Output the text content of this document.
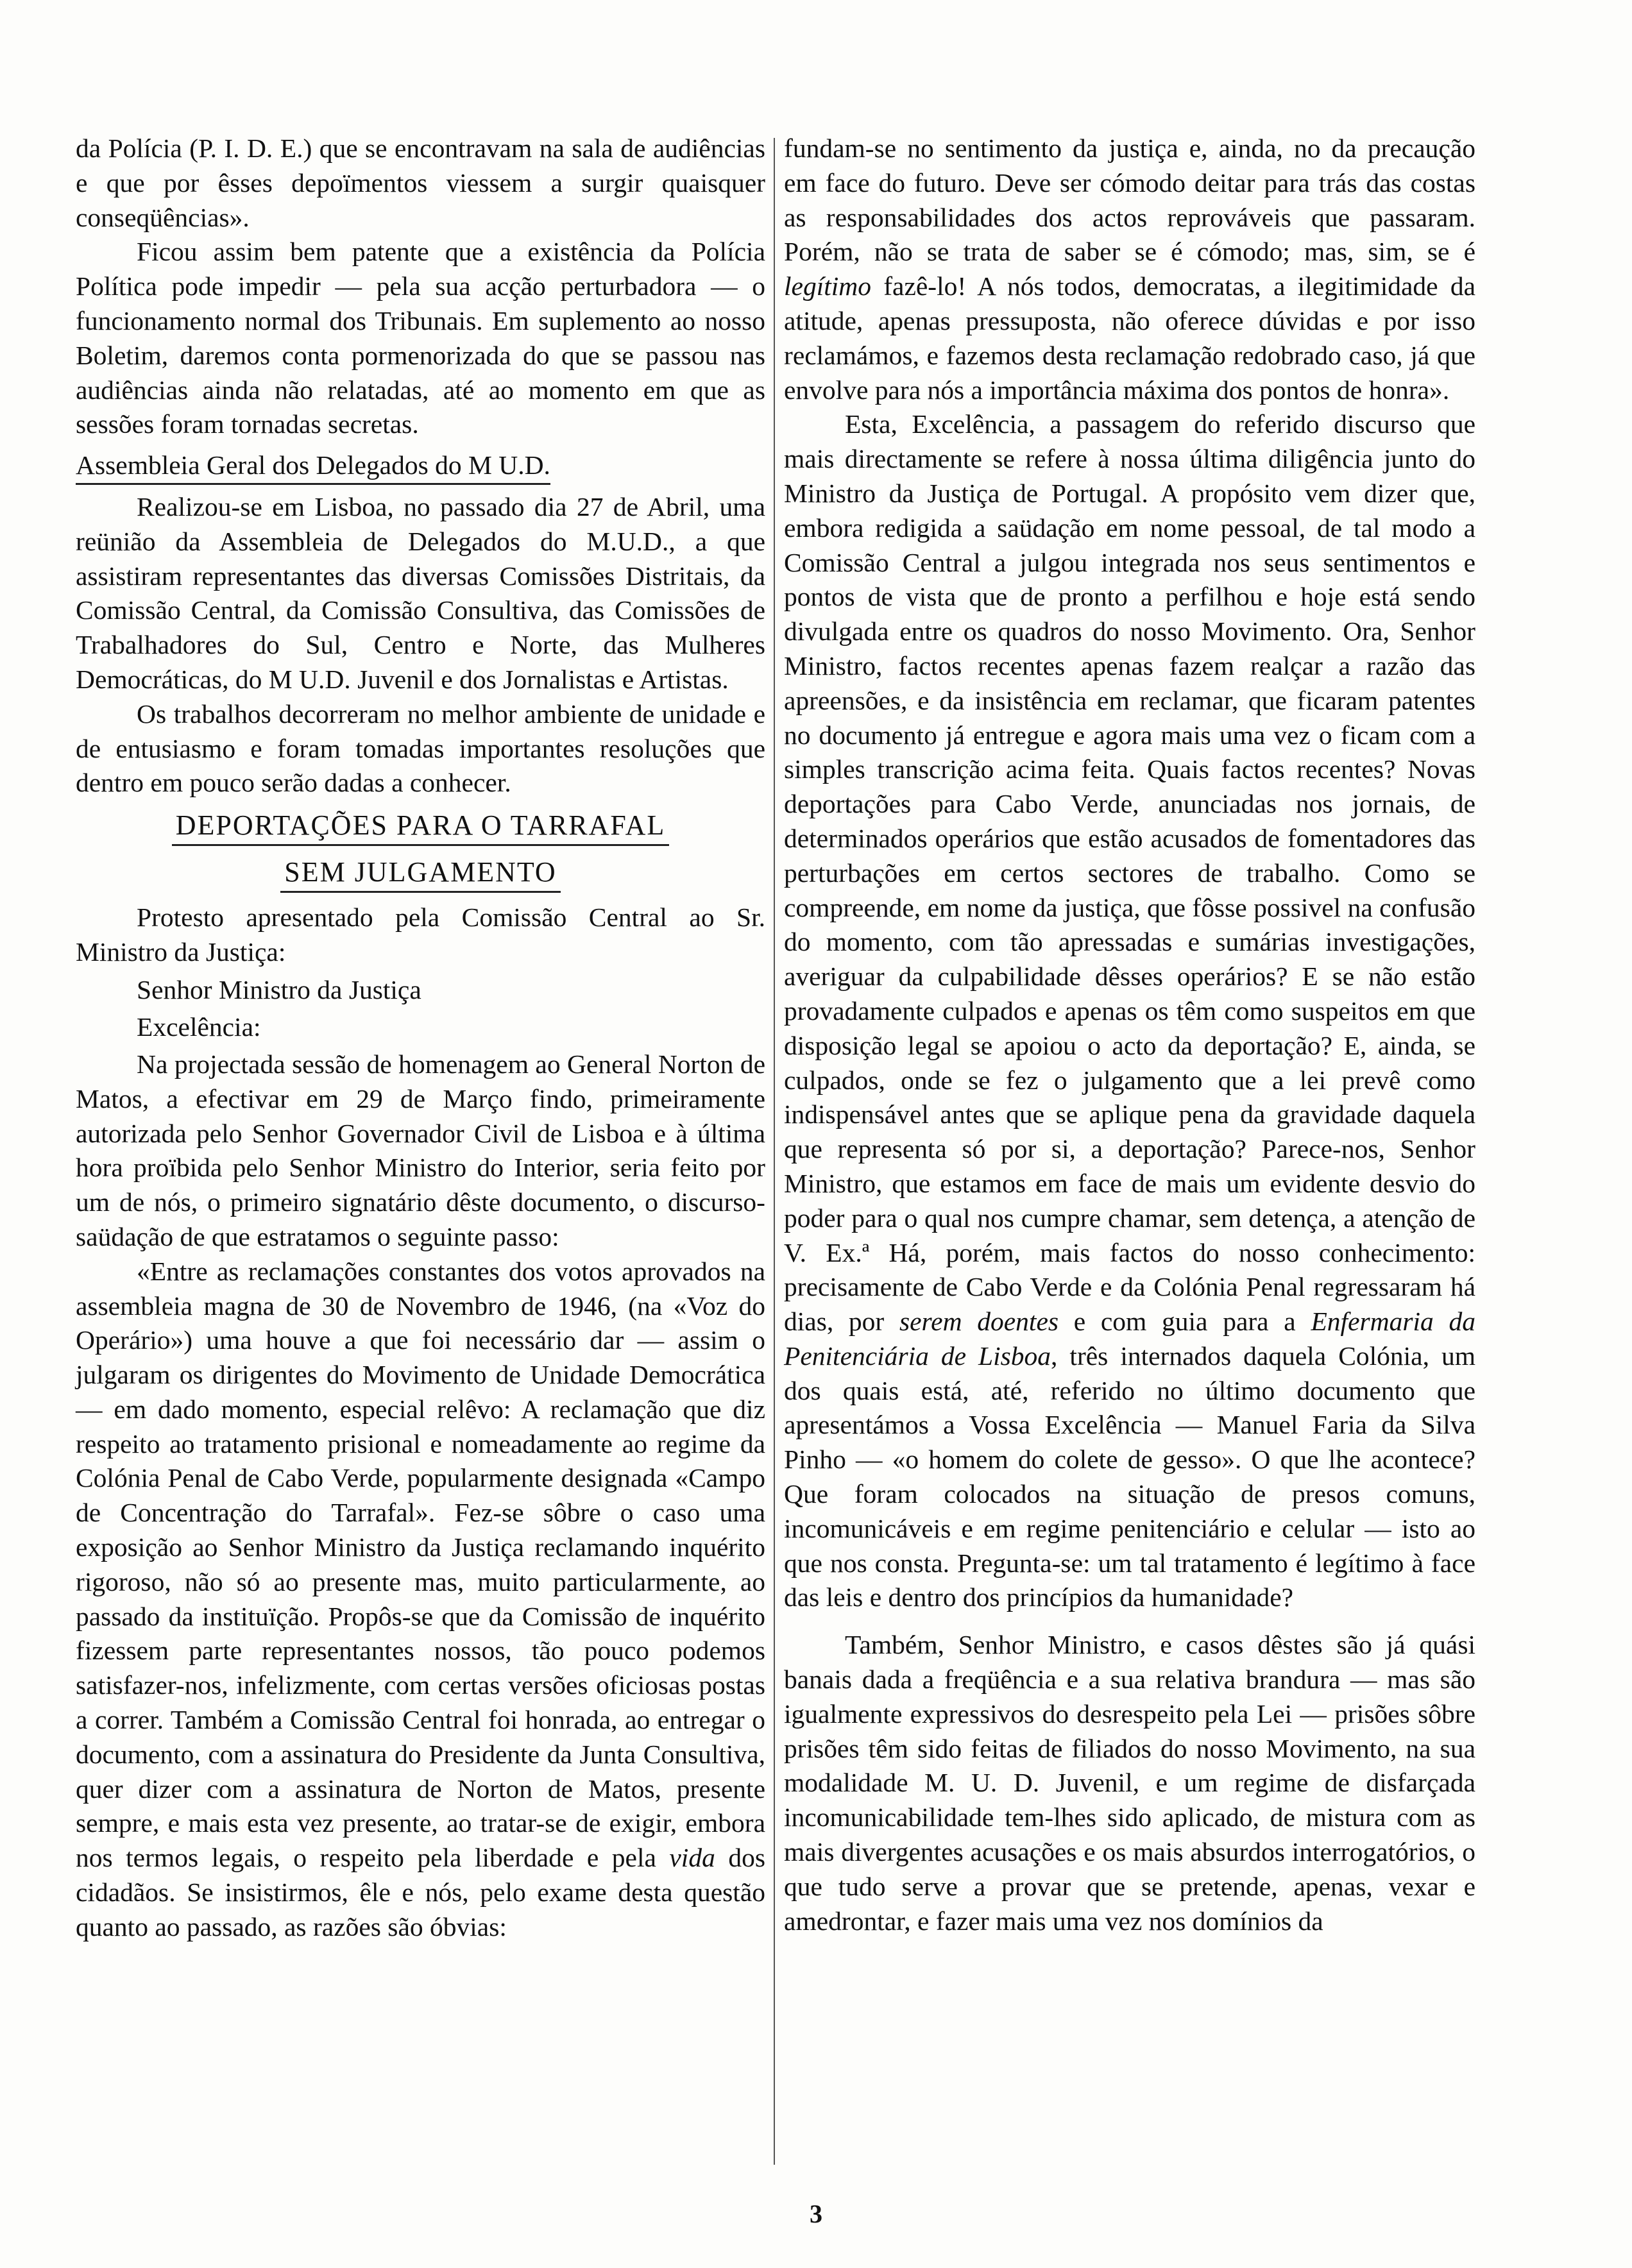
da Polícia (P. I. D. E.) que se encontravam na sala de audiências e que por êsses depoïmentos viessem a surgir quaisquer conseqüências».

Ficou assim bem patente que a existência da Polícia Política pode impedir — pela sua acção perturbadora — o funcionamento normal dos Tribunais. Em suplemento ao nosso Boletim, daremos conta pormenorizada do que se passou nas audiências ainda não relatadas, até ao momento em que as sessões foram tornadas secretas.

Assembleia Geral dos Delegados do M U.D.

Realizou-se em Lisboa, no passado dia 27 de Abril, uma reünião da Assembleia de Delegados do M.U.D., a que assistiram representantes das diversas Comissões Distritais, da Comissão Central, da Comissão Consultiva, das Comissões de Trabalhadores do Sul, Centro e Norte, das Mulheres Democráticas, do M U.D. Juvenil e dos Jornalistas e Artistas.

Os trabalhos decorreram no melhor ambiente de unidade e de entusiasmo e foram tomadas importantes resoluções que dentro em pouco serão dadas a conhecer.

DEPORTAÇÕES PARA O TARRAFAL
SEM JULGAMENTO

Protesto apresentado pela Comissão Central ao Sr. Ministro da Justiça:

Senhor Ministro da Justiça

Excelência:

Na projectada sessão de homenagem ao General Norton de Matos, a efectivar em 29 de Março findo, primeiramente autorizada pelo Senhor Governador Civil de Lisboa e à última hora proïbida pelo Senhor Ministro do Interior, seria feito por um de nós, o primeiro signatário dêste documento, o discurso-saüdação de que estratamos o seguinte passo:

«Entre as reclamações constantes dos votos aprovados na assembleia magna de 30 de Novembro de 1946, (na «Voz do Operário») uma houve a que foi necessário dar — assim o julgaram os dirigentes do Movimento de Unidade Democrática — em dado momento, especial relêvo: A reclamação que diz respeito ao tratamento prisional e nomeadamente ao regime da Colónia Penal de Cabo Verde, popularmente designada «Campo de Concentração do Tarrafal». Fez-se sôbre o caso uma exposição ao Senhor Ministro da Justiça reclamando inquérito rigoroso, não só ao presente mas, muito particularmente, ao passado da instituïção. Propôs-se que da Comissão de inquérito fizessem parte representantes nossos, tão pouco podemos satisfazer-nos, infelizmente, com certas versões oficiosas postas a correr. Também a Comissão Central foi honrada, ao entregar o documento, com a assinatura do Presidente da Junta Consultiva, quer dizer com a assinatura de Norton de Matos, presente sempre, e mais esta vez presente, ao tratar-se de exigir, embora nos termos legais, o respeito pela liberdade e pela vida dos cidadãos. Se insistirmos, êle e nós, pelo exame desta questão quanto ao passado, as razões são óbvias:

fundam-se no sentimento da justiça e, ainda, no da precaução em face do futuro. Deve ser cómodo deitar para trás das costas as responsabilidades dos actos reprováveis que passaram. Porém, não se trata de saber se é cómodo; mas, sim, se é legítimo fazê-lo! A nós todos, democratas, a ilegitimidade da atitude, apenas pressuposta, não oferece dúvidas e por isso reclamámos, e fazemos desta reclamação redobrado caso, já que envolve para nós a importância máxima dos pontos de honra».

Esta, Excelência, a passagem do referido discurso que mais directamente se refere à nossa última diligência junto do Ministro da Justiça de Portugal. A propósito vem dizer que, embora redigida a saüdação em nome pessoal, de tal modo a Comissão Central a julgou integrada nos seus sentimentos e pontos de vista que de pronto a perfilhou e hoje está sendo divulgada entre os quadros do nosso Movimento. Ora, Senhor Ministro, factos recentes apenas fazem realçar a razão das apreensões, e da insistência em reclamar, que ficaram patentes no documento já entregue e agora mais uma vez o ficam com a simples transcrição acima feita. Quais factos recentes? Novas deportações para Cabo Verde, anunciadas nos jornais, de determinados operários que estão acusados de fomentadores das perturbações em certos sectores de trabalho. Como se compreende, em nome da justiça, que fôsse possivel na confusão do momento, com tão apressadas e sumárias investigações, averiguar da culpabilidade dêsses operários? E se não estão provadamente culpados e apenas os têm como suspeitos em que disposição legal se apoiou o acto da deportação? E, ainda, se culpados, onde se fez o julgamento que a lei prevê como indispensável antes que se aplique pena da gravidade daquela que representa só por si, a deportação? Parece-nos, Senhor Ministro, que estamos em face de mais um evidente desvio do poder para o qual nos cumpre chamar, sem detença, a atenção de V. Ex.ª Há, porém, mais factos do nosso conhecimento: precisamente de Cabo Verde e da Colónia Penal regressaram há dias, por serem doentes e com guia para a Enfermaria da Penitenciária de Lisboa, três internados daquela Colónia, um dos quais está, até, referido no último documento que apresentámos a Vossa Excelência — Manuel Faria da Silva Pinho — «o homem do colete de gesso». O que lhe acontece? Que foram colocados na situação de presos comuns, incomunicáveis e em regime penitenciário e celular — isto ao que nos consta. Pregunta-se: um tal tratamento é legítimo à face das leis e dentro dos princípios da humanidade?

Também, Senhor Ministro, e casos dêstes são já quási banais dada a freqüência e a sua relativa brandura — mas são igualmente expressivos do desrespeito pela Lei — prisões sôbre prisões têm sido feitas de filiados do nosso Movimento, na sua modalidade M. U. D. Juvenil, e um regime de disfarçada incomunicabilidade tem-lhes sido aplicado, de mistura com as mais divergentes acusações e os mais absurdos interrogatórios, o que tudo serve a provar que se pretende, apenas, vexar e amedrontar, e fazer mais uma vez nos domínios da

3
